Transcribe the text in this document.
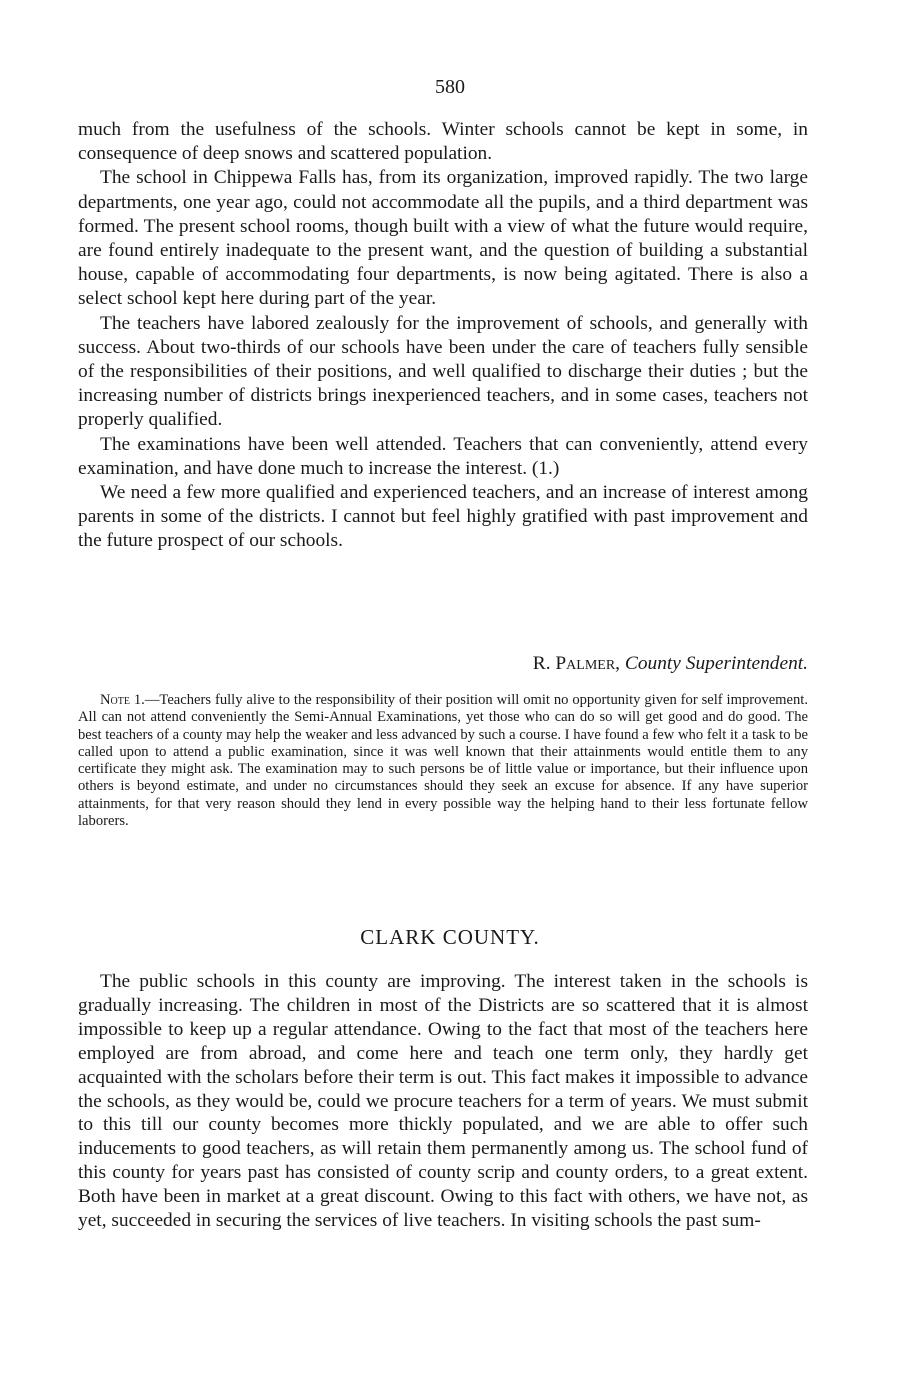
580

much from the usefulness of the schools. Winter schools cannot be kept in some, in consequence of deep snows and scattered population.

The school in Chippewa Falls has, from its organization, improved rapidly. The two large departments, one year ago, could not accommodate all the pupils, and a third department was formed. The present school rooms, though built with a view of what the future would require, are found entirely inadequate to the present want, and the question of building a substantial house, capable of accommodating four departments, is now being agitated. There is also a select school kept here during part of the year.

The teachers have labored zealously for the improvement of schools, and generally with success. About two-thirds of our schools have been under the care of teachers fully sensible of the responsibilities of their positions, and well qualified to discharge their duties ; but the increasing number of districts brings inexperienced teachers, and in some cases, teachers not properly qualified.

The examinations have been well attended. Teachers that can conveniently, attend every examination, and have done much to increase the interest. (1.)

We need a few more qualified and experienced teachers, and an increase of interest among parents in some of the districts. I cannot but feel highly gratified with past improvement and the future prospect of our schools.

R. Palmer, County Superintendent.
Note 1.—Teachers fully alive to the responsibility of their position will omit no opportunity given for self improvement. All can not attend conveniently the Semi-Annual Examinations, yet those who can do so will get good and do good. The best teachers of a county may help the weaker and less advanced by such a course. I have found a few who felt it a task to be called upon to attend a public examination, since it was well known that their attainments would entitle them to any certificate they might ask. The examination may to such persons be of little value or importance, but their influence upon others is beyond estimate, and under no circumstances should they seek an excuse for absence. If any have superior attainments, for that very reason should they lend in every possible way the helping hand to their less fortunate fellow laborers.
CLARK COUNTY.

The public schools in this county are improving. The interest taken in the schools is gradually increasing. The children in most of the Districts are so scattered that it is almost impossible to keep up a regular attendance. Owing to the fact that most of the teachers here employed are from abroad, and come here and teach one term only, they hardly get acquainted with the scholars before their term is out. This fact makes it impossible to advance the schools, as they would be, could we procure teachers for a term of years. We must submit to this till our county becomes more thickly populated, and we are able to offer such inducements to good teachers, as will retain them permanently among us. The school fund of this county for years past has consisted of county scrip and county orders, to a great extent. Both have been in market at a great discount. Owing to this fact with others, we have not, as yet, succeeded in securing the services of live teachers. In visiting schools the past sum-
